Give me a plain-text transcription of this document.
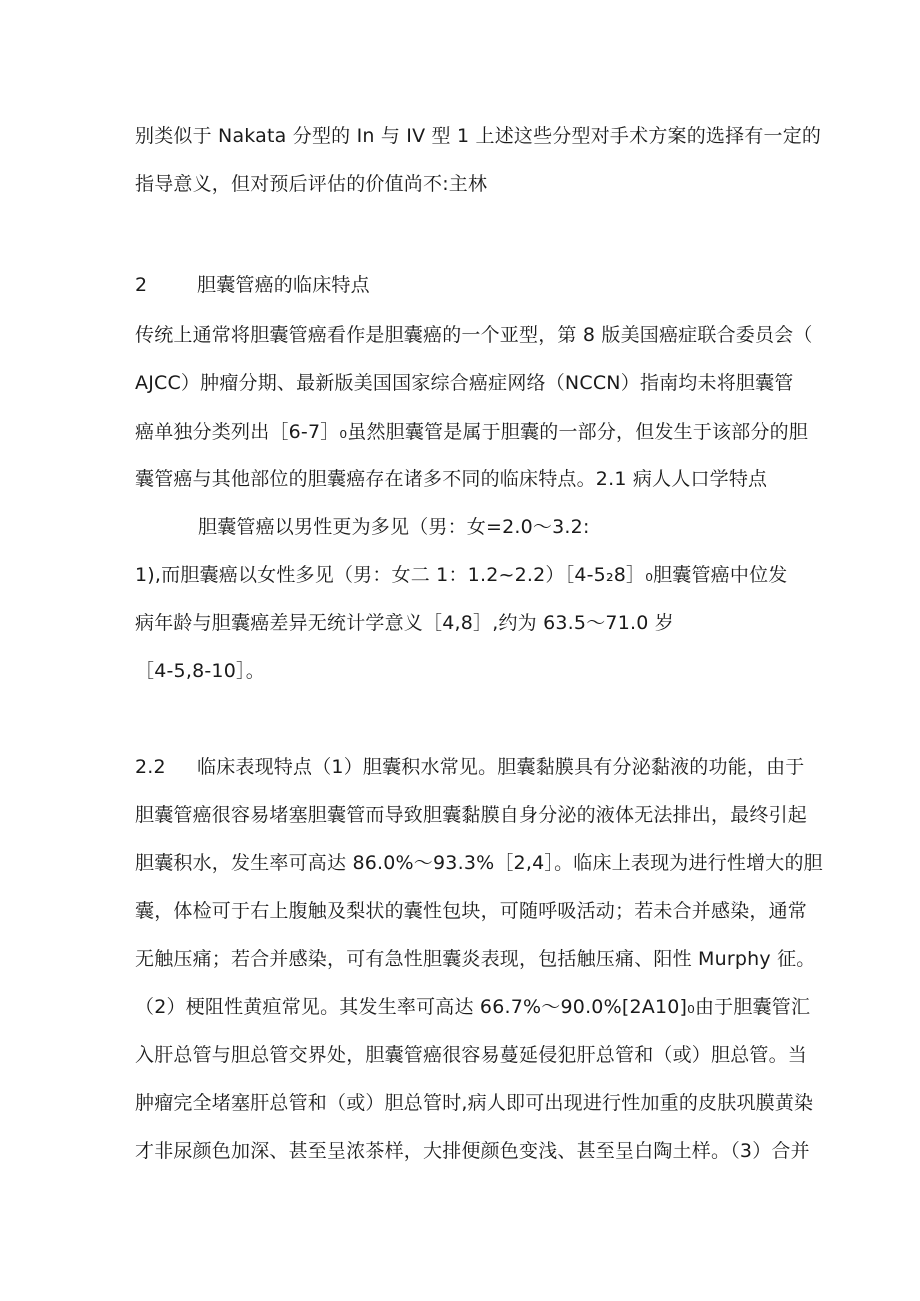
别类似于 Nakata 分型的 In 与 IV 型 1 上述这些分型对手术方案的选择有一定的
指导意义，但对预后评估的价值尚不:主林
2	胆囊管癌的临床特点
传统上通常将胆囊管癌看作是胆囊癌的一个亚型，第 8 版美国癌症联合委员会（
AJCC）肿瘤分期、最新版美国国家综合癌症网络（NCCN）指南均未将胆囊管
癌单独分类列出［6-7］₀虽然胆囊管是属于胆囊的一部分，但发生于该部分的胆
囊管癌与其他部位的胆囊癌存在诸多不同的临床特点。2.1 病人人口学特点
胆囊管癌以男性更为多见（男：女=2.0〜3.2:
1),而胆囊癌以女性多见（男：女二 1：1.2~2.2）［4-5₂8］₀胆囊管癌中位发
病年龄与胆囊癌差异无统计学意义［4,8］,约为 63.5〜71.0 岁
［4-5,8-10］。
2.2 临床表现特点（1）胆囊积水常见。胆囊黏膜具有分泌黏液的功能，由于
胆囊管癌很容易堵塞胆囊管而导致胆囊黏膜自身分泌的液体无法排出，最终引起
胆囊积水，发生率可高达 86.0%〜93.3%［2,4］。临床上表现为进行性增大的胆
囊，体检可于右上腹触及梨状的囊性包块，可随呼吸活动；若未合并感染，通常
无触压痛；若合并感染，可有急性胆囊炎表现，包括触压痛、阳性 Murphy 征。
（2）梗阻性黄疸常见。其发生率可高达 66.7%〜90.0%[2A10]₀由于胆囊管汇
入肝总管与胆总管交界处，胆囊管癌很容易蔓延侵犯肝总管和（或）胆总管。当
肿瘤完全堵塞肝总管和（或）胆总管时,病人即可出现进行性加重的皮肤巩膜黄染
才非尿颜色加深、甚至呈浓茶样，大排便颜色变浅、甚至呈白陶土样。（3）合并
